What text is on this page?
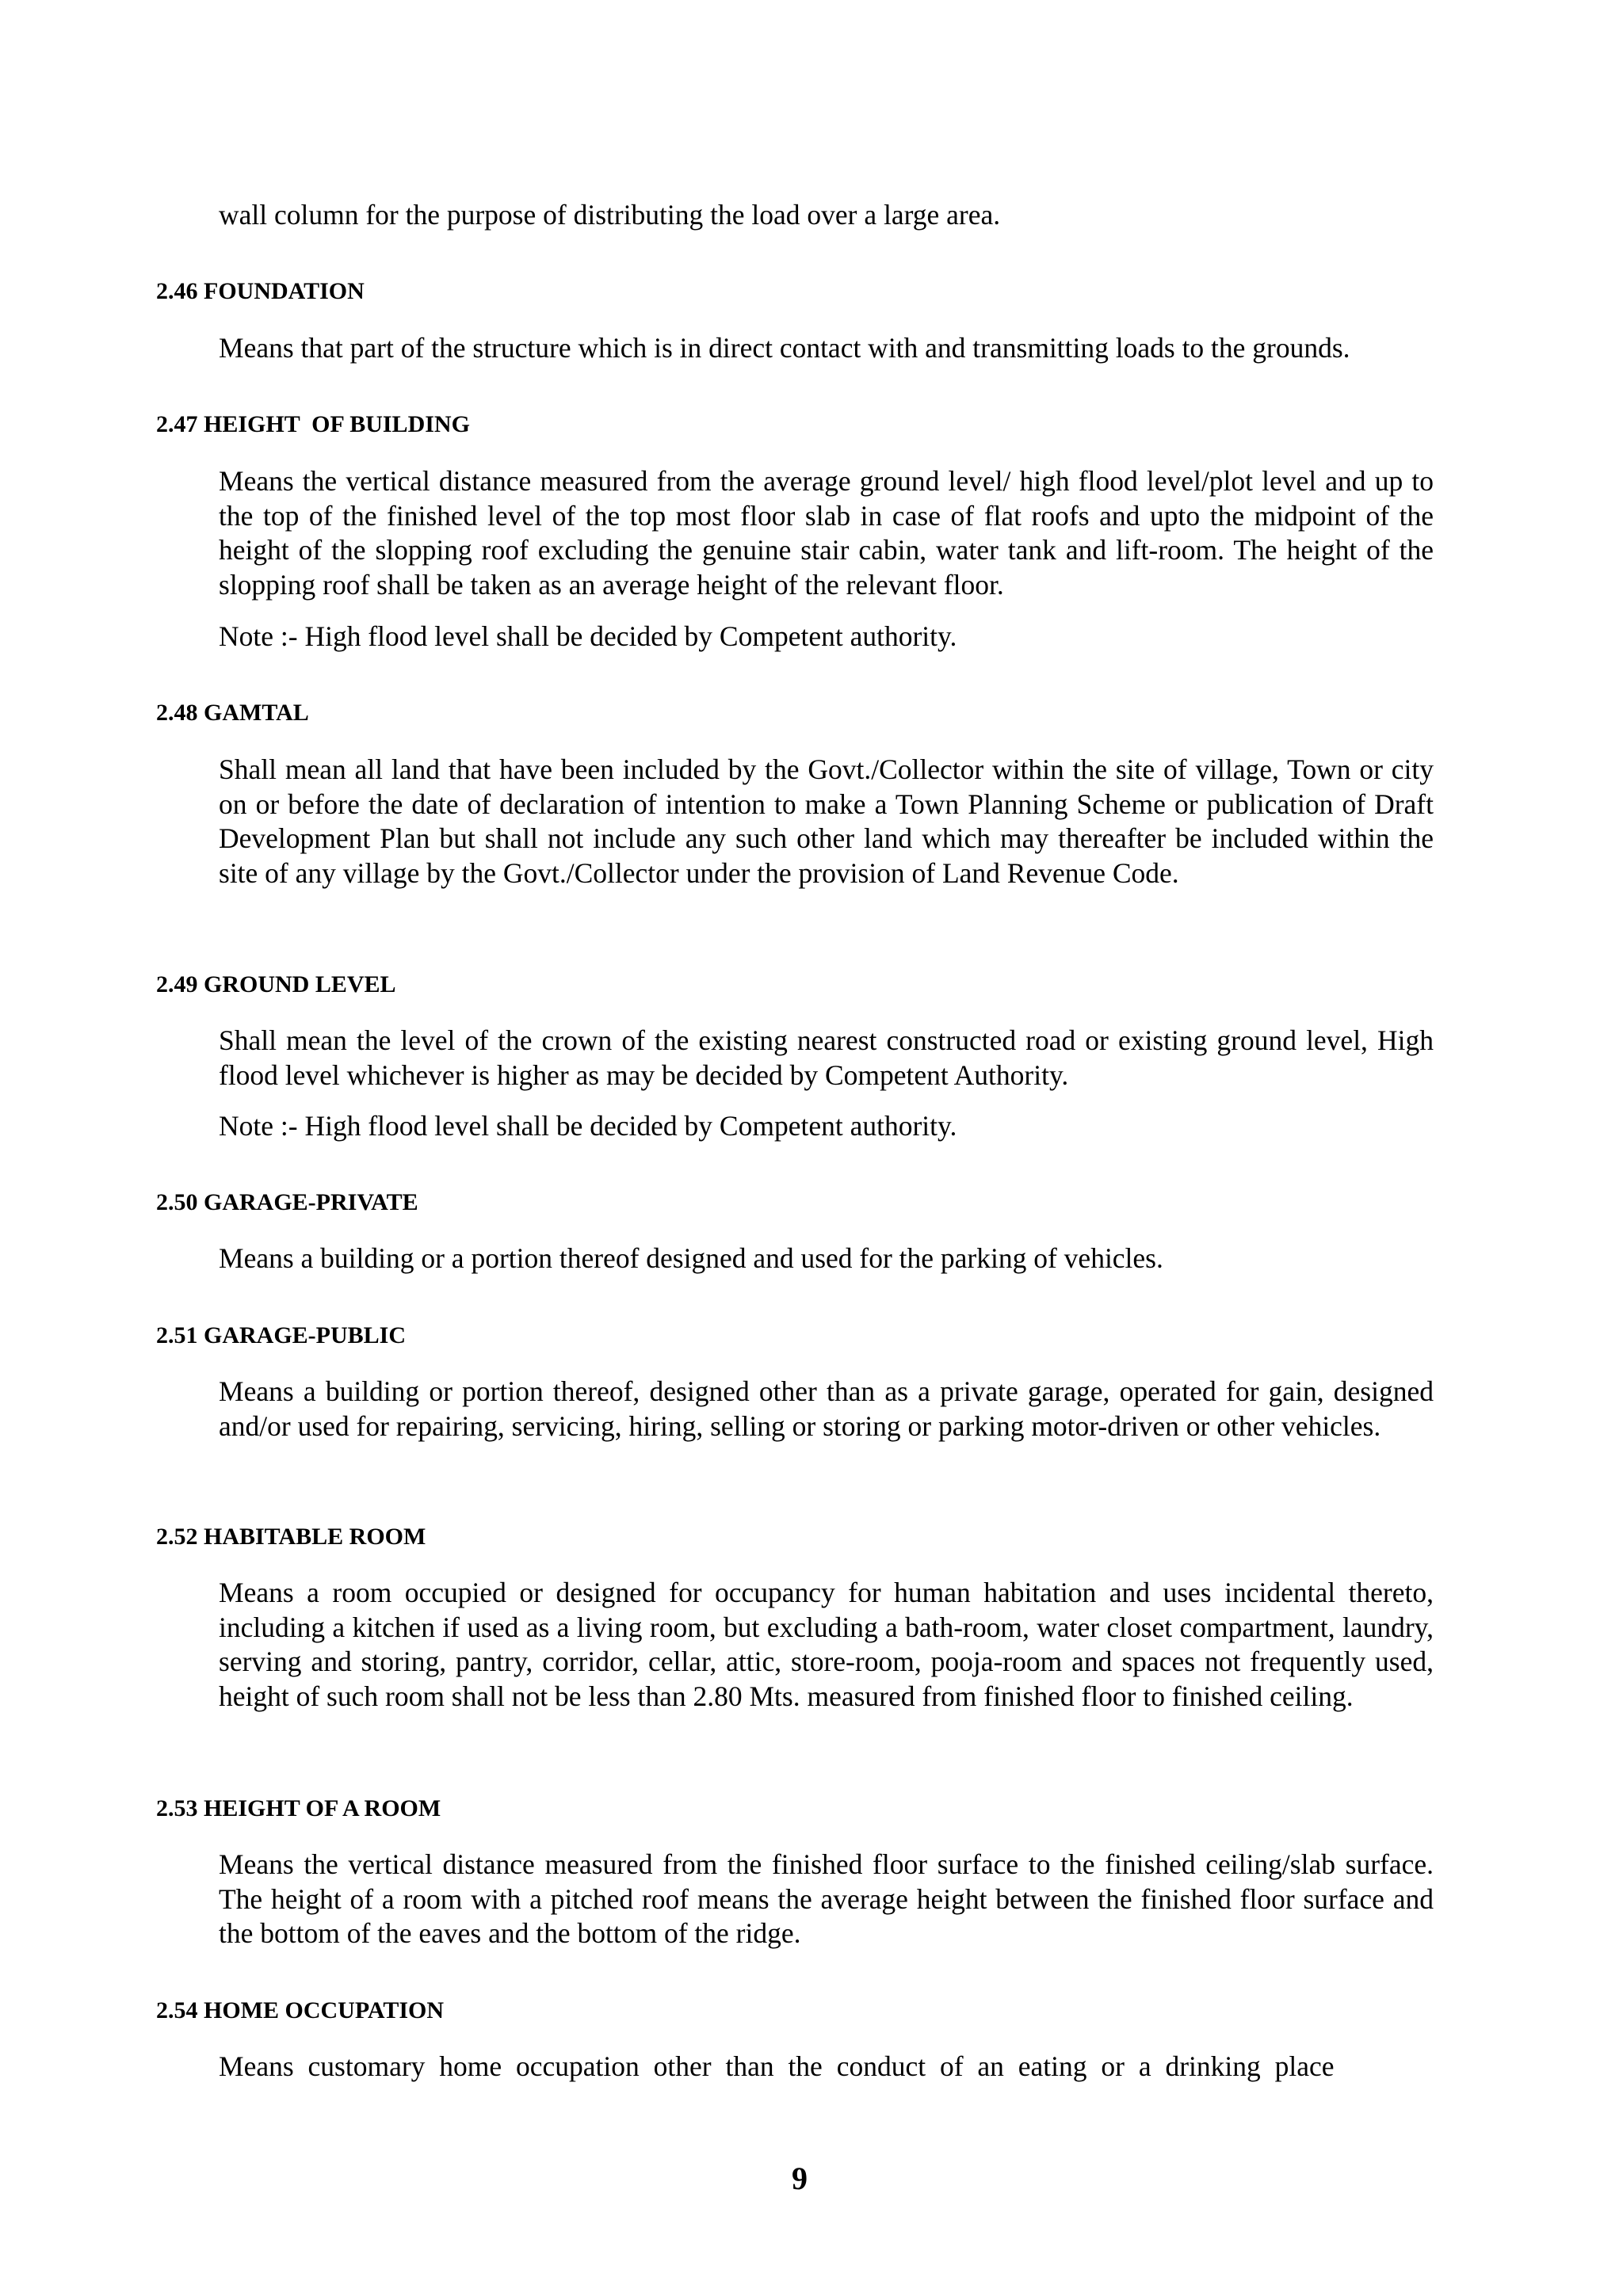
wall column for the purpose of distributing the load over a large area.

2.46 FOUNDATION

Means that part of the structure which is in direct contact with and transmitting loads to the grounds.

2.47 HEIGHT  OF BUILDING

Means the vertical distance measured from the average ground level/ high flood level/plot level and up to the top of the finished level of the top most floor slab in case of flat roofs and upto the midpoint of the height of the slopping roof excluding the genuine stair cabin, water tank and lift-room. The height of the slopping roof shall be taken as an average height of the relevant floor.

Note :- High flood level shall be decided by Competent authority.

2.48 GAMTAL

Shall mean all land that have been included by the Govt./Collector within the site of village, Town or city on or before the date of declaration of intention to make a Town Planning Scheme or publication of Draft Development Plan but shall not include any such other land which may thereafter be included within the site of any village by the Govt./Collector under the provision of Land Revenue Code.

2.49 GROUND LEVEL

Shall mean the level of the crown of the existing nearest constructed road or existing ground level, High flood level whichever is higher as may be decided by Competent Authority.

Note :- High flood level shall be decided by Competent authority.

2.50 GARAGE-PRIVATE

Means a building or a portion thereof designed and used for the parking of vehicles.

2.51 GARAGE-PUBLIC

Means a building or portion thereof, designed other than as a private garage, operated for gain, designed and/or used for repairing, servicing, hiring, selling or storing or parking motor-driven or other vehicles.

2.52 HABITABLE ROOM

Means a room occupied or designed for occupancy for human habitation and uses incidental thereto, including a kitchen if used as a living room, but excluding a bath-room, water closet compartment, laundry, serving and storing, pantry, corridor, cellar, attic, store-room, pooja-room and spaces not frequently used, height of such room shall not be less than 2.80 Mts. measured from finished floor to finished ceiling.

2.53 HEIGHT OF A ROOM

Means the vertical distance measured from the finished floor surface to the finished ceiling/slab surface. The height of a room with a pitched roof means the average height between the finished floor surface and the bottom of the eaves and the bottom of the ridge.

2.54 HOME OCCUPATION

Means customary home occupation other than the conduct of an eating or a drinking place

9
